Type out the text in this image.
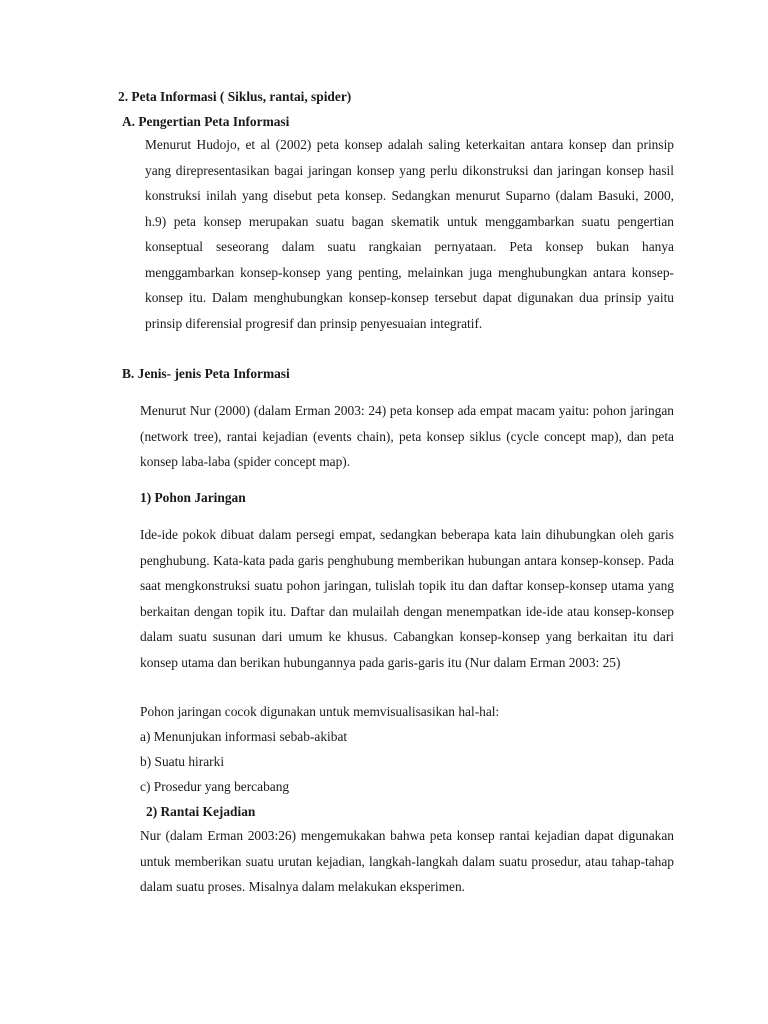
2. Peta Informasi ( Siklus, rantai, spider)
A. Pengertian Peta Informasi
Menurut Hudojo, et al (2002) peta konsep adalah saling keterkaitan antara konsep dan prinsip yang direpresentasikan bagai jaringan konsep yang perlu dikonstruksi dan jaringan konsep hasil konstruksi inilah yang disebut peta konsep. Sedangkan menurut Suparno (dalam Basuki, 2000, h.9) peta konsep merupakan suatu bagan skematik untuk menggambarkan suatu pengertian konseptual seseorang dalam suatu rangkaian pernyataan. Peta konsep bukan hanya menggambarkan konsep-konsep yang penting, melainkan juga menghubungkan antara konsep-konsep itu. Dalam menghubungkan konsep-konsep tersebut dapat digunakan dua prinsip yaitu prinsip diferensial progresif dan prinsip penyesuaian integratif.
B. Jenis- jenis Peta Informasi
Menurut Nur (2000) (dalam Erman 2003: 24) peta konsep ada empat macam yaitu: pohon jaringan (network tree), rantai kejadian (events chain), peta konsep siklus (cycle concept map), dan peta konsep laba-laba (spider concept map).
1) Pohon Jaringan
Ide-ide pokok dibuat dalam persegi empat, sedangkan beberapa kata lain dihubungkan oleh garis penghubung. Kata-kata pada garis penghubung memberikan hubungan antara konsep-konsep. Pada saat mengkonstruksi suatu pohon jaringan, tulislah topik itu dan daftar konsep-konsep utama yang berkaitan dengan topik itu. Daftar dan mulailah dengan menempatkan ide-ide atau konsep-konsep dalam suatu susunan dari umum ke khusus. Cabangkan konsep-konsep yang berkaitan itu dari konsep utama dan berikan hubungannya pada garis-garis itu (Nur dalam Erman 2003: 25)
Pohon jaringan cocok digunakan untuk memvisualisasikan hal-hal:
a) Menunjukan informasi sebab-akibat
b) Suatu hirarki
c) Prosedur yang bercabang
2) Rantai Kejadian
Nur (dalam Erman 2003:26) mengemukakan bahwa peta konsep rantai kejadian dapat digunakan untuk memberikan suatu urutan kejadian, langkah-langkah dalam suatu prosedur, atau tahap-tahap dalam suatu proses. Misalnya dalam melakukan eksperimen.
